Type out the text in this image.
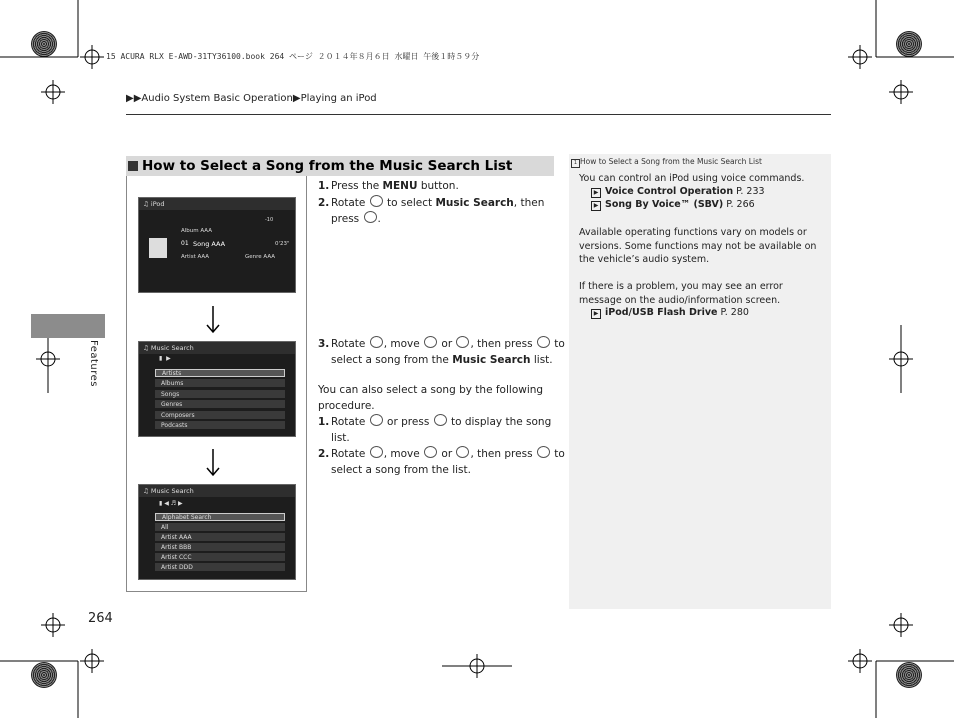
15 ACURA RLX E-AWD-31TY36100.book 264 ページ ２０１４年８月６日 水曜日 午後１時５９分
▶▶Audio System Basic Operation▶Playing an iPod
Features
264
How to Select a Song from the Music Search List
♫ iPod
Album AAA
-10
01 Song AAA	0'23"
Artist AAA	Genre AAA
♫ Music Search
▮  ▶
Artists
Albums
Songs
Genres
Composers
Podcasts
♫ Music Search
▮ ◀ ♬ ▶
Alphabet Search
All
Artist AAA
Artist BBB
Artist CCC
Artist DDD
1. Press the MENU button.
2. Rotate  to select Music Search, then
press .
3. Rotate , move  or , then press  to
select a song from the Music Search list.
You can also select a song by the following
procedure.
1. Rotate  or press  to display the song
list.
2. Rotate , move  or , then press  to
select a song from the list.
1 How to Select a Song from the Music Search List
You can control an iPod using voice commands.
▶ Voice Control Operation P. 233
▶ Song By Voice™ (SBV) P. 266
Available operating functions vary on models or versions. Some functions may not be available on the vehicle’s audio system.
If there is a problem, you may see an error message on the audio/information screen.
▶ iPod/USB Flash Drive P. 280
